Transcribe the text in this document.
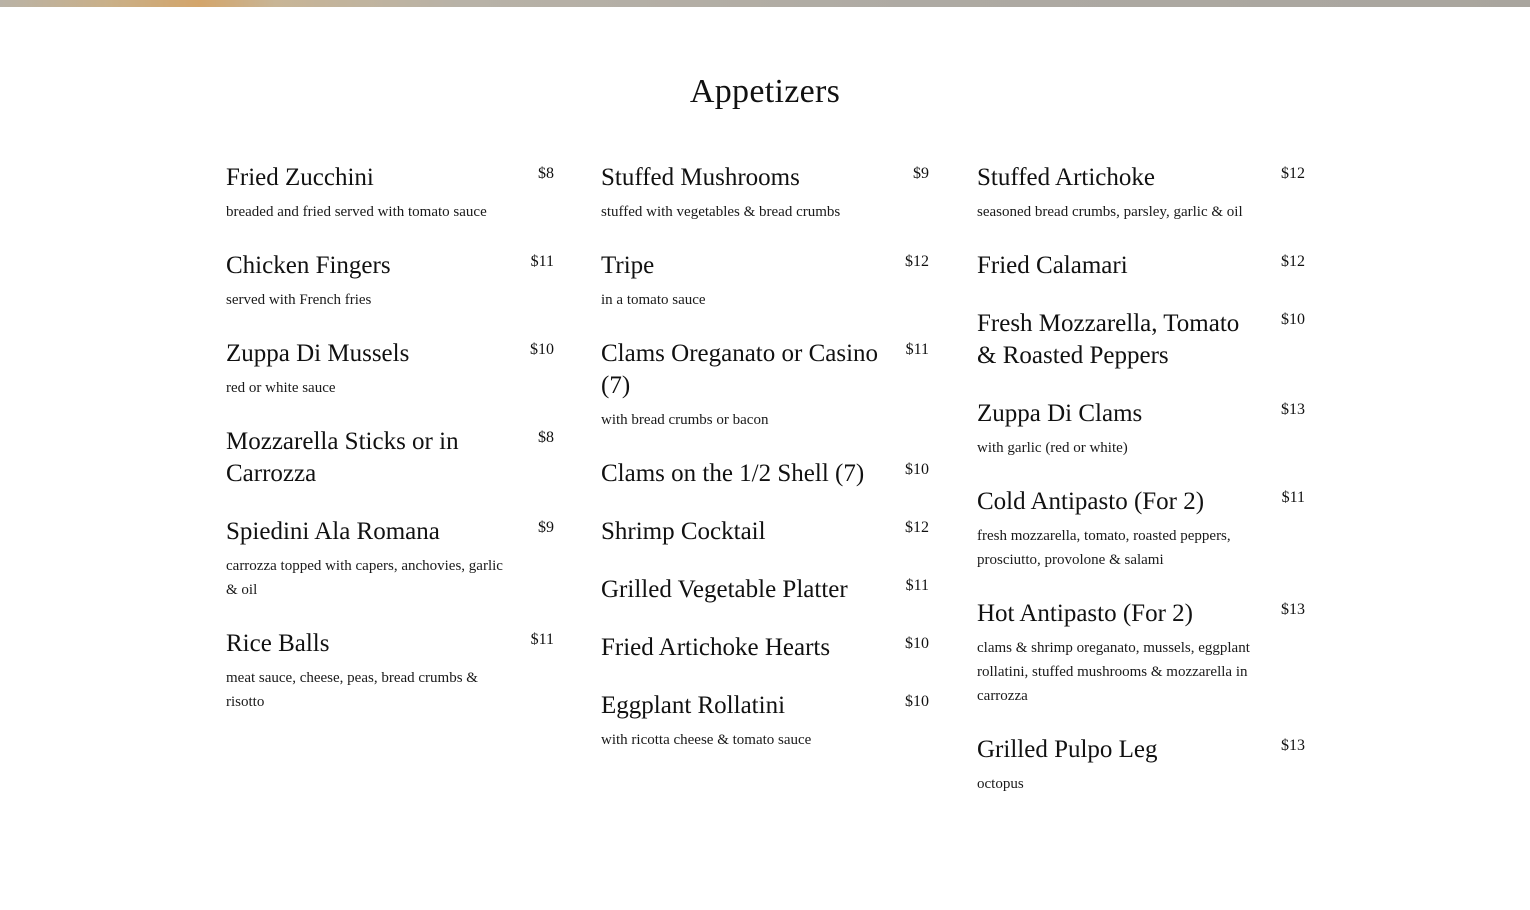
Appetizers
Fried Zucchini
breaded and fried served with tomato sauce
$8
Chicken Fingers
served with French fries
$11
Zuppa Di Mussels
red or white sauce
$10
Mozzarella Sticks or in Carrozza
$8
Spiedini Ala Romana
carrozza topped with capers, anchovies, garlic & oil
$9
Rice Balls
meat sauce, cheese, peas, bread crumbs & risotto
$11
Stuffed Mushrooms
stuffed with vegetables & bread crumbs
$9
Tripe
in a tomato sauce
$12
Clams Oreganato or Casino (7)
with bread crumbs or bacon
$11
Clams on the 1/2 Shell (7)	$10
Shrimp Cocktail	$12
Grilled Vegetable Platter	$11
Fried Artichoke Hearts	$10
Eggplant Rollatini
with ricotta cheese & tomato sauce
$10
Stuffed Artichoke
seasoned bread crumbs, parsley, garlic & oil
$12
Fried Calamari	$12
Fresh Mozzarella, Tomato & Roasted Peppers
$10
Zuppa Di Clams
with garlic (red or white)
$13
Cold Antipasto (For 2)
fresh mozzarella, tomato, roasted peppers, prosciutto, provolone & salami
$11
Hot Antipasto (For 2)
clams & shrimp oreganato, mussels, eggplant rollatini, stuffed mushrooms & mozzarella in carrozza
$13
Grilled Pulpo Leg
octopus
$13
